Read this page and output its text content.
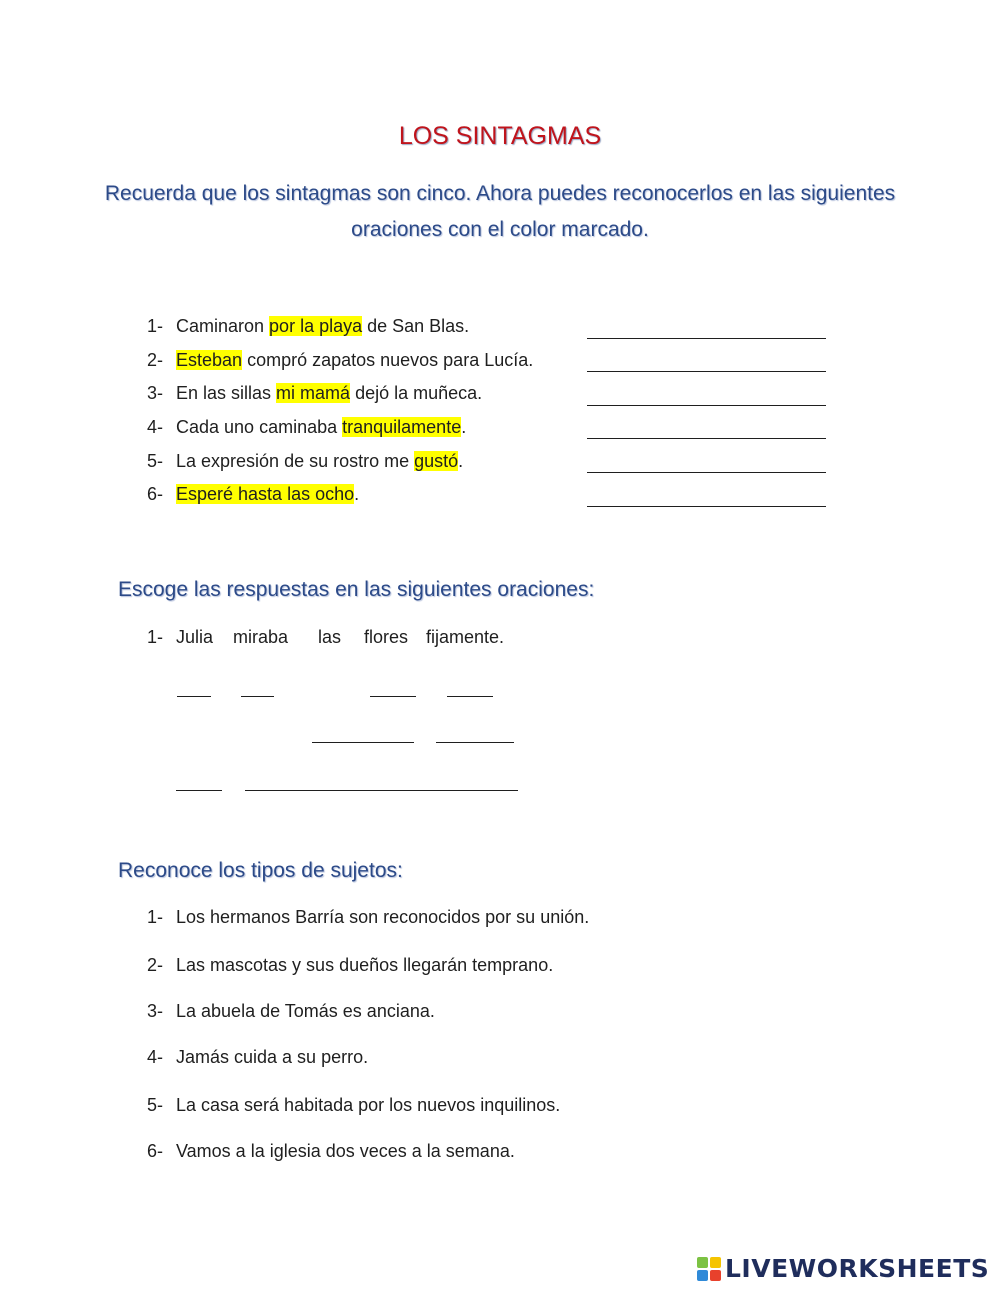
LOS SINTAGMAS
Recuerda que los sintagmas son cinco. Ahora puedes reconocerlos en las siguientes oraciones con el color marcado.
1- Caminaron por la playa de San Blas.
2- Esteban compró zapatos nuevos para Lucía.
3- En las sillas mi mamá dejó la muñeca.
4- Cada uno caminaba tranquilamente.
5- La expresión de su rostro me gustó.
6- Esperé hasta las ocho.
Escoge las respuestas en las siguientes oraciones:
1- Julia miraba las flores fijamente.
Reconoce los tipos de sujetos:
1- Los hermanos Barría son reconocidos por su unión.
2- Las mascotas y sus dueños llegarán temprano.
3- La abuela de Tomás es anciana.
4- Jamás cuida a su perro.
5- La casa será habitada por los nuevos inquilinos.
6- Vamos a la iglesia dos veces a la semana.
LIVEWORKSHEETS
